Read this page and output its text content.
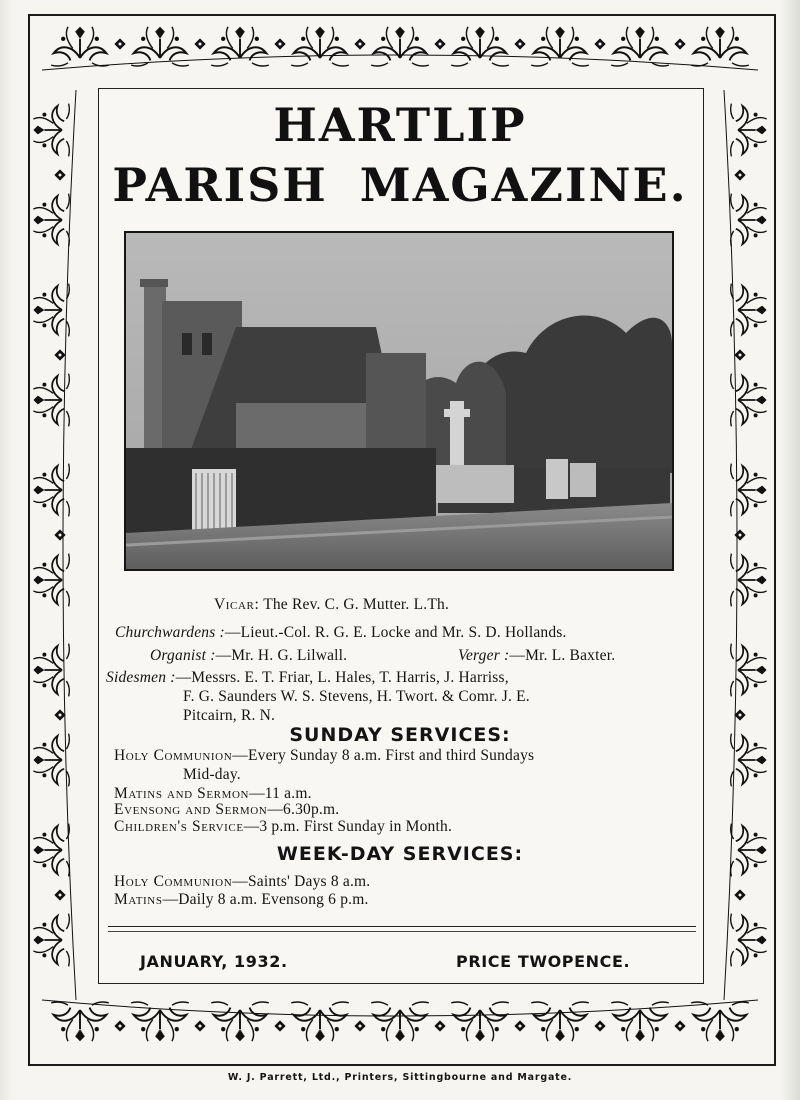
HARTLIP
PARISH MAGAZINE.
Vicar: The Rev. C. G. Mutter. L.Th.
Churchwardens :—Lieut.-Col. R. G. E. Locke and Mr. S. D. Hollands.
Organist :—Mr. H. G. Lilwall.	Verger :—Mr. L. Baxter.
Sidesmen :—Messrs. E. T. Friar, L. Hales, T. Harris, J. Harriss,
F. G. Saunders W. S. Stevens, H. Twort. & Comr. J. E.
Pitcairn, R. N.
SUNDAY SERVICES:
Holy Communion—Every Sunday 8 a.m. First and third Sundays
Mid-day.
Matins and Sermon—11 a.m.
Evensong and Sermon—6.30p.m.
Children's Service—3 p.m. First Sunday in Month.
WEEK-DAY SERVICES:
Holy Communion—Saints' Days 8 a.m.
Matins—Daily 8 a.m. Evensong 6 p.m.
JANUARY, 1932.	PRICE TWOPENCE.
W. J. Parrett, Ltd., Printers, Sittingbourne and Margate.
